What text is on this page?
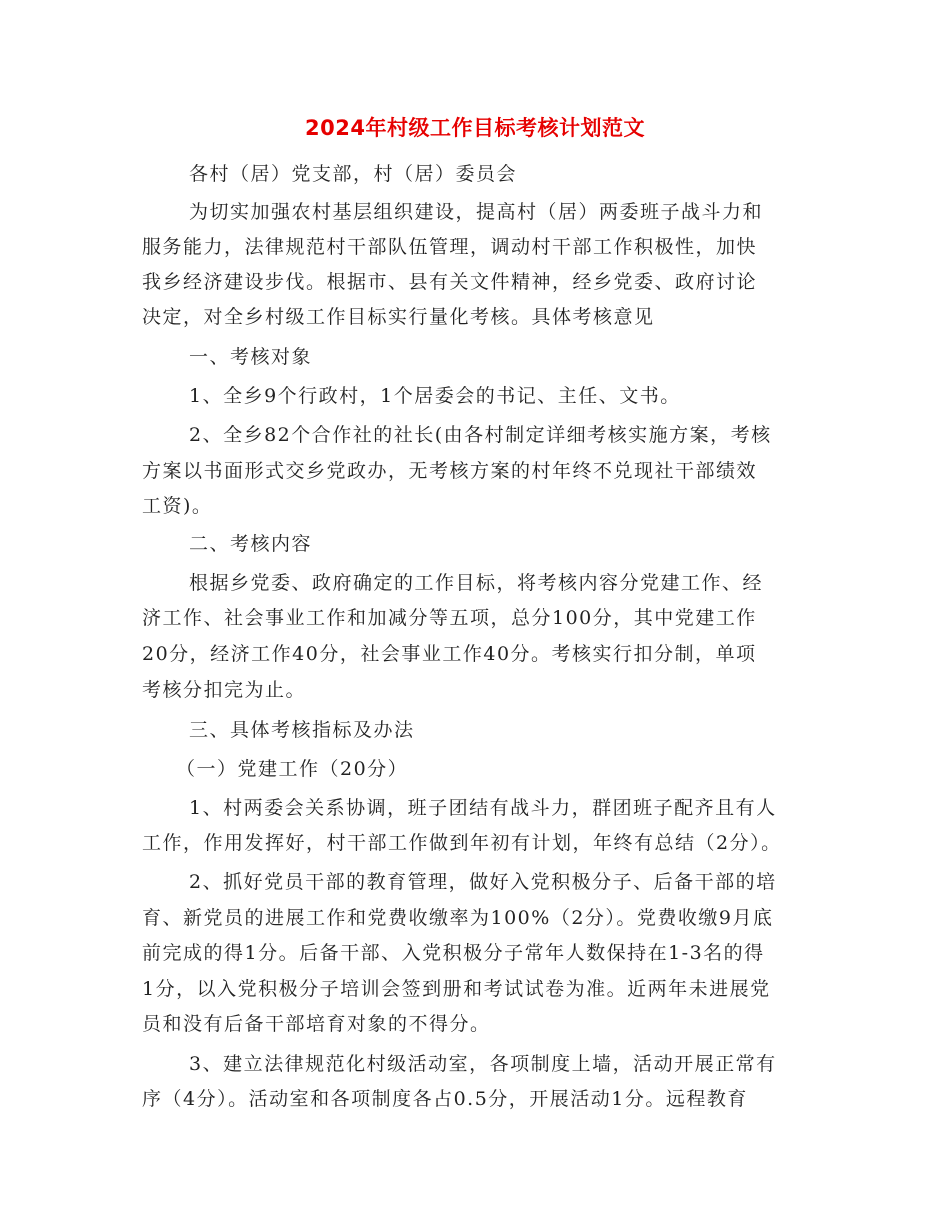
2024年村级工作目标考核计划范文
各村（居）党支部，村（居）委员会
为切实加强农村基层组织建设，提高村（居）两委班子战斗力和
服务能力，法律规范村干部队伍管理，调动村干部工作积极性，加快
我乡经济建设步伐。根据市、县有关文件精神，经乡党委、政府讨论
决定，对全乡村级工作目标实行量化考核。具体考核意见
一、考核对象
1、全乡9个行政村，1个居委会的书记、主任、文书。
2、全乡82个合作社的社长(由各村制定详细考核实施方案，考核
方案以书面形式交乡党政办，无考核方案的村年终不兑现社干部绩效
工资)。
二、考核内容
根据乡党委、政府确定的工作目标，将考核内容分党建工作、经
济工作、社会事业工作和加减分等五项，总分100分，其中党建工作
20分，经济工作40分，社会事业工作40分。考核实行扣分制，单项
考核分扣完为止。
三、具体考核指标及办法
（一）党建工作（20分）
1、村两委会关系协调，班子团结有战斗力，群团班子配齐且有人
工作，作用发挥好，村干部工作做到年初有计划，年终有总结（2分）。
2、抓好党员干部的教育管理，做好入党积极分子、后备干部的培
育、新党员的进展工作和党费收缴率为100%（2分）。党费收缴9月底
前完成的得1分。后备干部、入党积极分子常年人数保持在1-3名的得
1分，以入党积极分子培训会签到册和考试试卷为准。近两年未进展党
员和没有后备干部培育对象的不得分。
3、建立法律规范化村级活动室，各项制度上墙，活动开展正常有
序（4分）。活动室和各项制度各占0.5分，开展活动1分。远程教育
